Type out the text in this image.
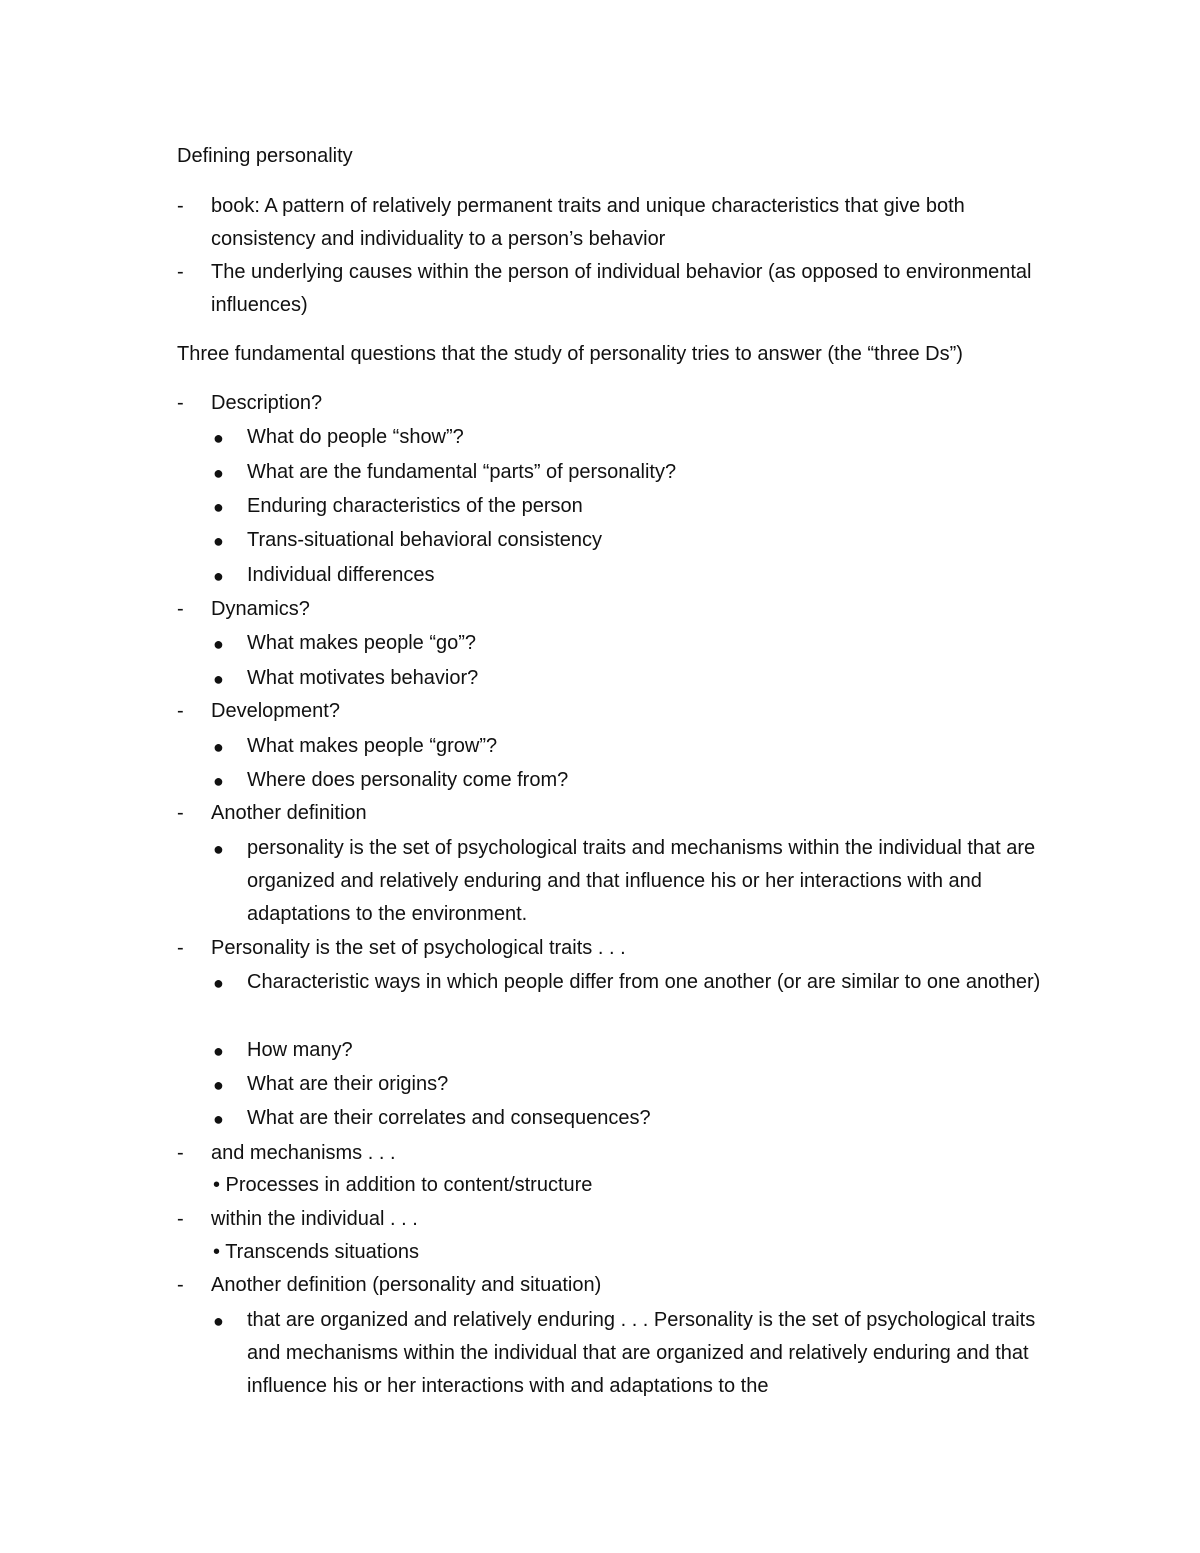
Defining personality
-	book: A pattern of relatively permanent traits and unique characteristics that give both consistency and individuality to a person’s behavior
-	The underlying causes within the person of individual behavior (as opposed to environmental influences)
Three fundamental questions that the study of personality tries to answer (the “three Ds”)
-	Description?
●	What do people “show”?
●	What are the fundamental “parts” of personality?
●	Enduring characteristics of the person
●	Trans-situational behavioral consistency
●	Individual differences
-	Dynamics?
●	What makes people “go”?
●	What motivates behavior?
-	Development?
●	What makes people “grow”?
●	Where does personality come from?
-	Another definition
●	personality is the set of psychological traits and mechanisms within the individual that are organized and relatively enduring and that influence his or her interactions with and adaptations to the environment.
-	Personality is the set of psychological traits . . .
●	Characteristic ways in which people differ from one another (or are similar to one another)
●	How many?
●	What are their origins?
●	What are their correlates and consequences?
-	and mechanisms . . .
• Processes in addition to content/structure
-	within the individual . . .
• Transcends situations
-	Another definition (personality and situation)
●	that are organized and relatively enduring . . . Personality is the set of psychological traits and mechanisms within the individual that are organized and relatively enduring and that influence his or her interactions with and adaptations to the
